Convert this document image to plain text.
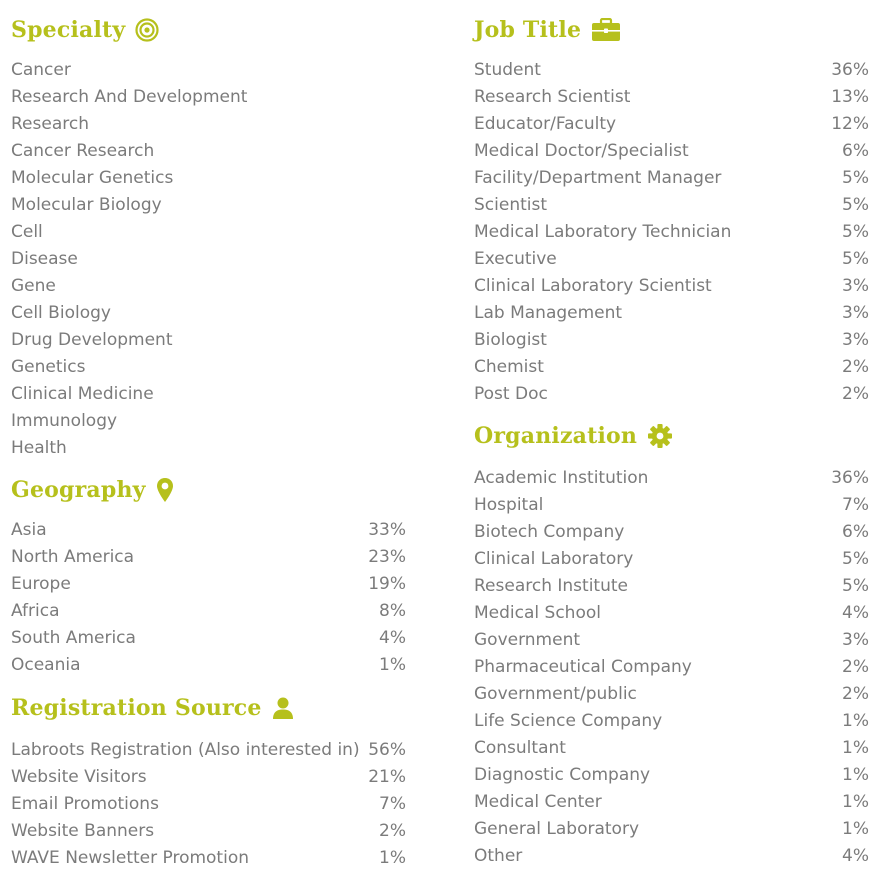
Specialty
Cancer
Research And Development
Research
Cancer Research
Molecular Genetics
Molecular Biology
Cell
Disease
Gene
Cell Biology
Drug Development
Genetics
Clinical Medicine
Immunology
Health
Geography
Asia	33%
North America	23%
Europe	19%
Africa	8%
South America	4%
Oceania	1%
Registration Source
Labroots Registration (Also interested in) 56%
Website Visitors	21%
Email Promotions	7%
Website Banners	2%
WAVE Newsletter Promotion	1%
Job Title
Student	36%
Research Scientist	13%
Educator/Faculty	12%
Medical Doctor/Specialist	6%
Facility/Department Manager	5%
Scientist	5%
Medical Laboratory Technician	5%
Executive	5%
Clinical Laboratory Scientist	3%
Lab Management	3%
Biologist	3%
Chemist	2%
Post Doc	2%
Organization
Academic Institution	36%
Hospital	7%
Biotech Company	6%
Clinical Laboratory	5%
Research Institute	5%
Medical School	4%
Government	3%
Pharmaceutical Company	2%
Government/public	2%
Life Science Company	1%
Consultant	1%
Diagnostic Company	1%
Medical Center	1%
General Laboratory	1%
Other	4%
